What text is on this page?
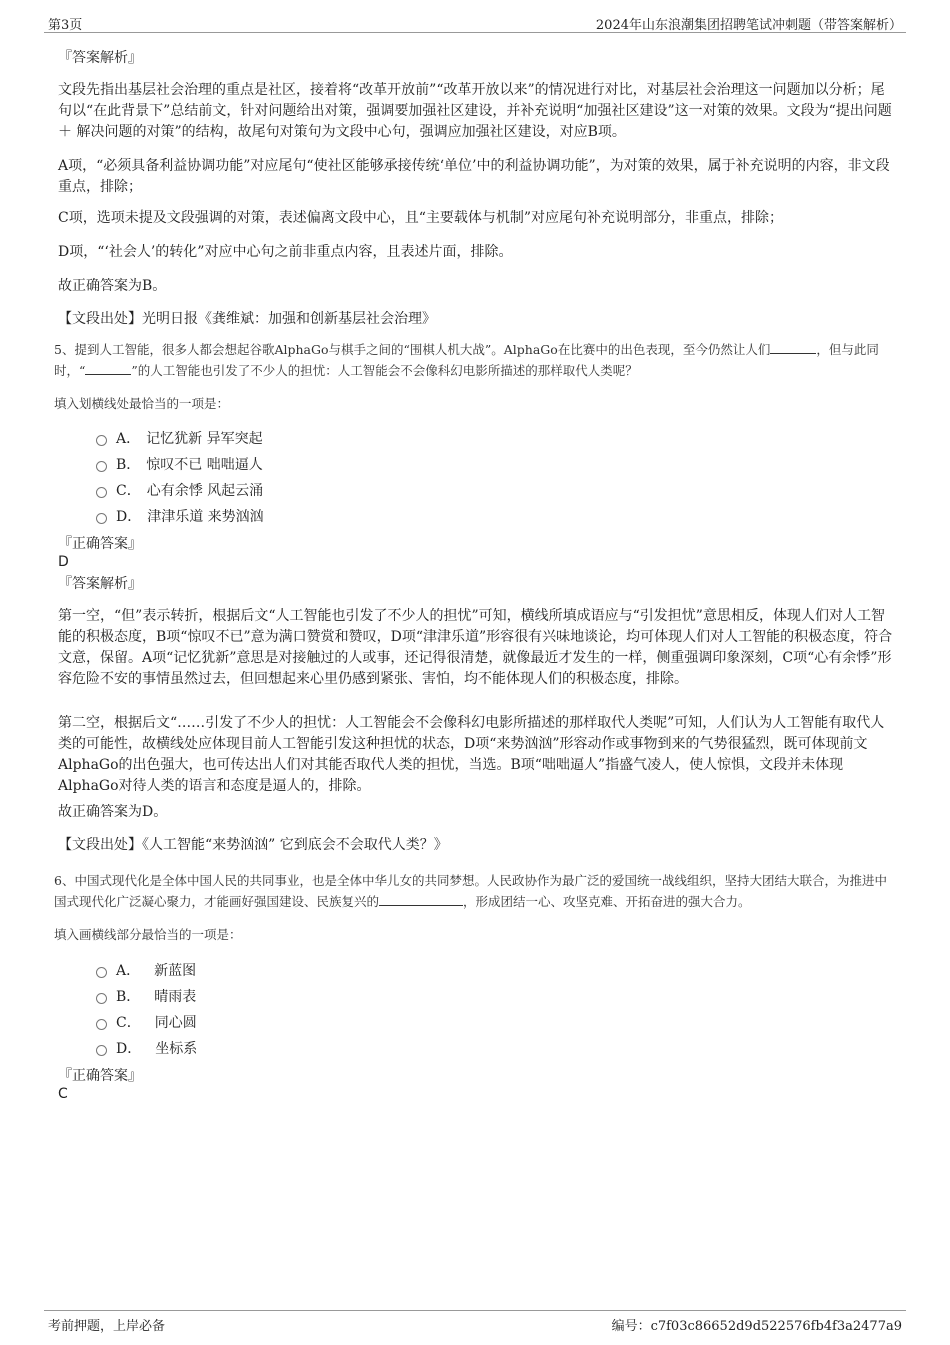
第3页	2024年山东浪潮集团招聘笔试冲刺题（带答案解析）

『答案解析』

文段先指出基层社会治理的重点是社区，接着将“改革开放前”“改革开放以来”的情况进行对比，对基层社会治理这一问题加以分析；尾句以“在此背景下”总结前文，针对问题给出对策，强调要加强社区建设，并补充说明“加强社区建设”这一对策的效果。文段为“提出问题 ＋ 解决问题的对策”的结构，故尾句对策句为文段中心句，强调应加强社区建设，对应B项。

A项，“必须具备利益协调功能”对应尾句“使社区能够承接传统‘单位’中的利益协调功能”，为对策的效果，属于补充说明的内容，非文段重点，排除；

C项，选项未提及文段强调的对策，表述偏离文段中心，且“主要载体与机制”对应尾句补充说明部分，非重点，排除；

D项，“‘社会人’的转化”对应中心句之前非重点内容，且表述片面，排除。

故正确答案为B。

【文段出处】光明日报《龚维斌：加强和创新基层社会治理》

5、提到人工智能，很多人都会想起谷歌AlphaGo与棋手之间的“围棋人机大战”。AlphaGo在比赛中的出色表现，至今仍然让人们	，但与此同时，“	”的人工智能也引发了不少人的担忧：人工智能会不会像科幻电影所描述的那样取代人类呢？

填入划横线处最恰当的一项是：

A． 记忆犹新 异军突起
B． 惊叹不已 咄咄逼人
C． 心有余悸 风起云涌
D． 津津乐道 来势汹汹

『正确答案』

D

『答案解析』

第一空，“但”表示转折，根据后文“人工智能也引发了不少人的担忧”可知，横线所填成语应与“引发担忧”意思相反，体现人们对人工智能的积极态度，B项“惊叹不已”意为满口赞赏和赞叹，D项“津津乐道”形容很有兴味地谈论，均可体现人们对人工智能的积极态度，符合文意，保留。A项“记忆犹新”意思是对接触过的人或事，还记得很清楚，就像最近才发生的一样，侧重强调印象深刻，C项“心有余悸”形容危险不安的事情虽然过去，但回想起来心里仍感到紧张、害怕，均不能体现人们的积极态度，排除。

第二空，根据后文“……引发了不少人的担忧：人工智能会不会像科幻电影所描述的那样取代人类呢”可知，人们认为人工智能有取代人类的可能性，故横线处应体现目前人工智能引发这种担忧的状态，D项“来势汹汹”形容动作或事物到来的气势很猛烈，既可体现前文AlphaGo的出色强大，也可传达出人们对其能否取代人类的担忧，当选。B项“咄咄逼人”指盛气凌人，使人惊惧，文段并未体现AlphaGo对待人类的语言和态度是逼人的，排除。

故正确答案为D。

【文段出处】《人工智能“来势汹汹” 它到底会不会取代人类？》

6、中国式现代化是全体中国人民的共同事业，也是全体中华儿女的共同梦想。人民政协作为最广泛的爱国统一战线组织，坚持大团结大联合，为推进中国式现代化广泛凝心聚力，才能画好强国建设、民族复兴的	，形成团结一心、攻坚克难、开拓奋进的强大合力。

填入画横线部分最恰当的一项是：

A． 新蓝图
B． 晴雨表
C． 同心圆
D． 坐标系

『正确答案』

C
考前押题，上岸必备	编号：c7f03c86652d9d522576fb4f3a2477a9
